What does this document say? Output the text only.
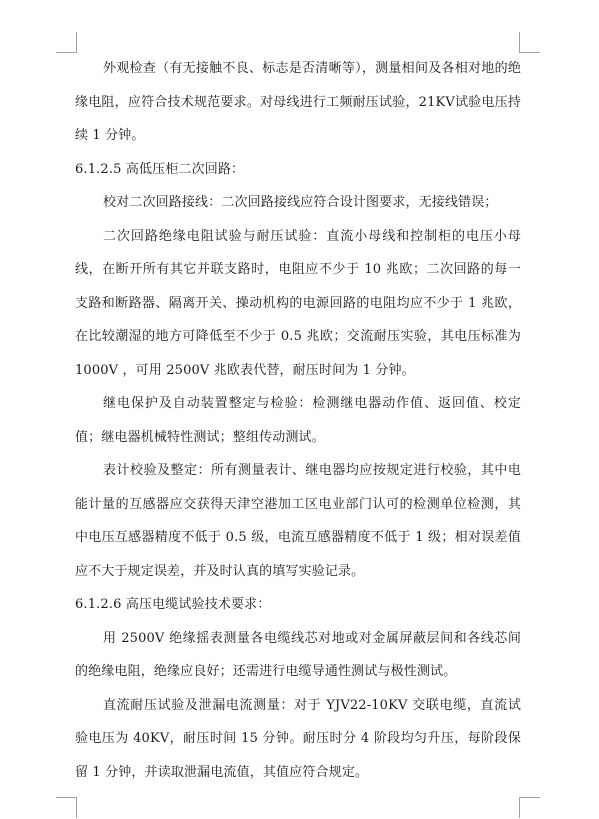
外观检查（有无接触不良、标志是否清晰等），测量相间及各相对地的绝缘电阻，应符合技术规范要求。对母线进行工频耐压试验，21KV试验电压持续 1 分钟。

6.1.2.5 高低压柜二次回路：

校对二次回路接线：二次回路接线应符合设计图要求，无接线错误；

二次回路绝缘电阻试验与耐压试验：直流小母线和控制柜的电压小母线，在断开所有其它并联支路时，电阻应不少于 10 兆欧；二次回路的每一支路和断路器、隔离开关、操动机构的电源回路的电阻均应不少于 1 兆欧，在比较潮湿的地方可降低至不少于 0.5 兆欧；交流耐压实验，其电压标准为 1000V ，可用 2500V 兆欧表代替，耐压时间为 1 分钟。

继电保护及自动装置整定与检验：检测继电器动作值、返回值、校定值；继电器机械特性测试；整组传动测试。

表计校验及整定：所有测量表计、继电器均应按规定进行校验，其中电能计量的互感器应交获得天津空港加工区电业部门认可的检测单位检测，其中电压互感器精度不低于 0.5 级，电流互感器精度不低于 1 级；相对误差值应不大于规定误差，并及时认真的填写实验记录。

6.1.2.6 高压电缆试验技术要求：

用 2500V 绝缘摇表测量各电缆线芯对地或对金属屏蔽层间和各线芯间的绝缘电阻，绝缘应良好；还需进行电缆导通性测试与极性测试。

直流耐压试验及泄漏电流测量：对于 YJV22-10KV 交联电缆，直流试验电压为 40KV，耐压时间 15 分钟。耐压时分 4 阶段均匀升压，每阶段保留 1 分钟，并读取泄漏电流值，其值应符合规定。
